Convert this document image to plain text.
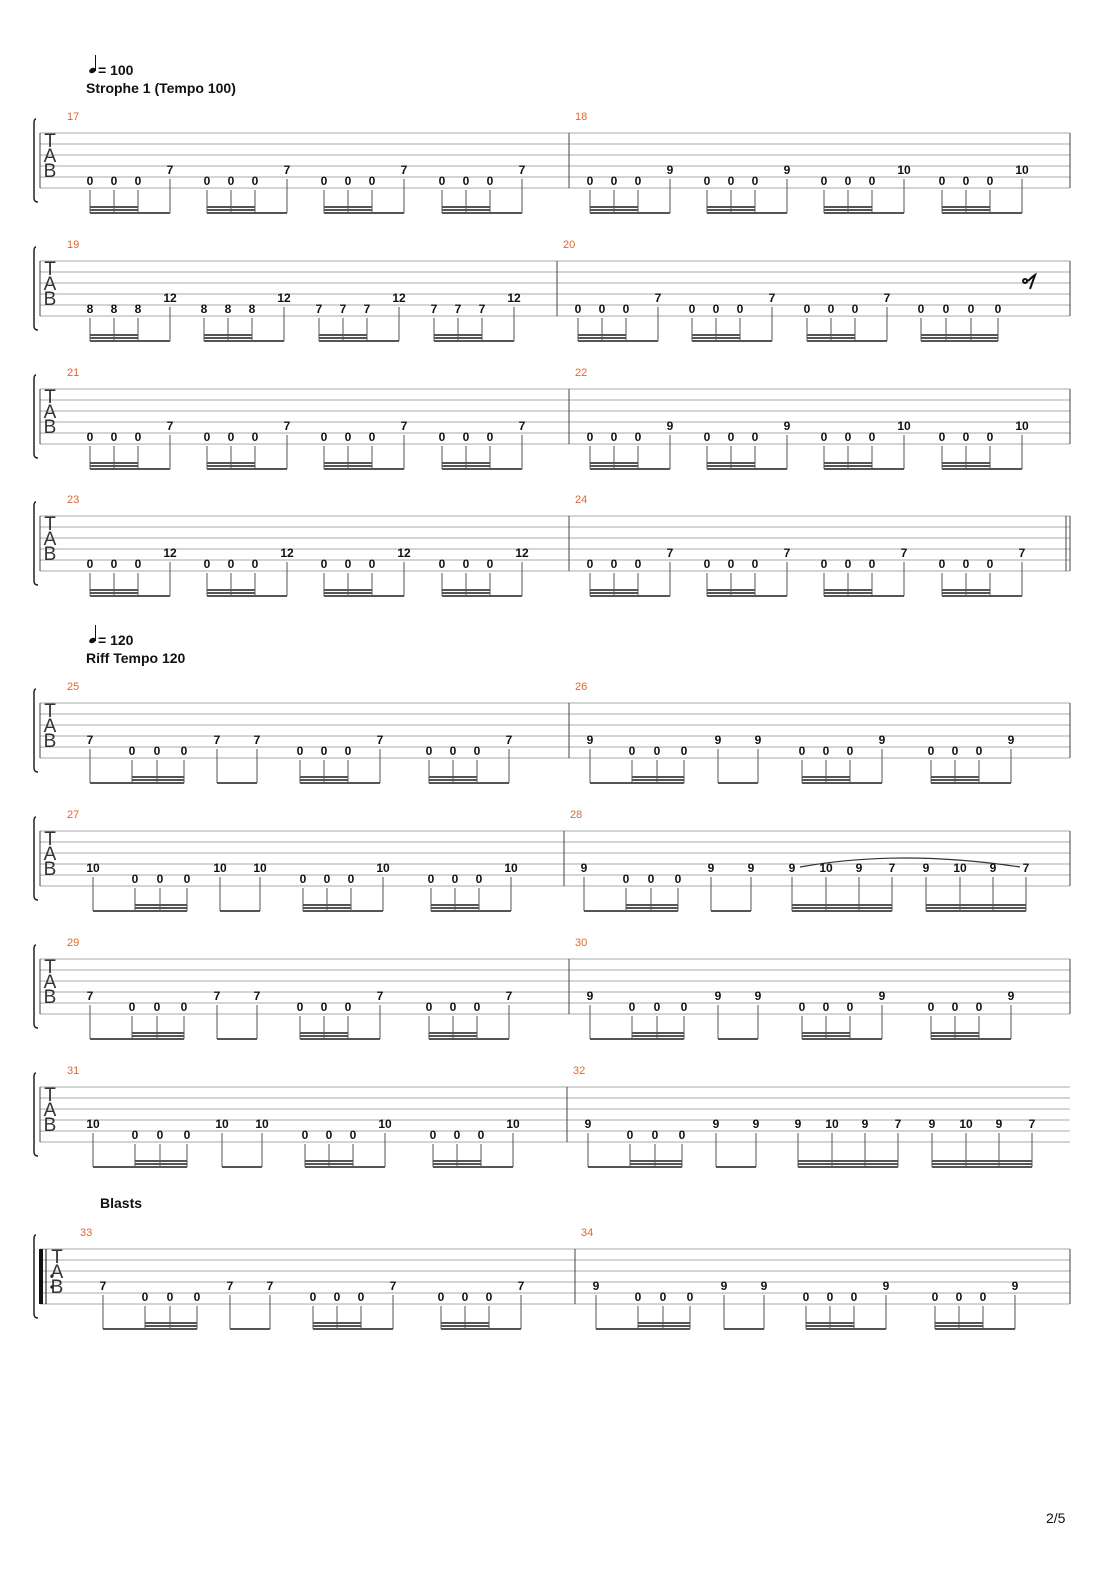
= 100
Strophe 1 (Tempo 100)
= 120
Riff Tempo 120
Blasts
T
A
B
17
0 0 0
7
0 0 0
7
0 0 0
7
0 0 0
7
18
0 0 0
9
0 0 0
9
0 0 0
10
0 0 0
10
T
A
B
19
8 8 8
12
8 8 8
12
7 7 7
12
7 7 7
12
20
0 0 0
7
0 0 0
7
0 0 0
7
0 0 0 0
T
A
B
21
0 0 0
7
0 0 0
7
0 0 0
7
0 0 0
7
22
0 0 0
9
0 0 0
9
0 0 0
10
0 0 0
10
T
A
B
23
0 0 0
12
0 0 0
12
0 0 0
12
0 0 0
12
24
0 0 0
7
0 0 0
7
0 0 0
7
0 0 0
7
T
A
B
25
7
0 0 0
7	7
0 0 0
7
0 0 0
7
26
9
0 0 0
9	9
0 0 0
9
0 0 0
9
T
A
B
27
10
0 0 0
10 10
0 0 0
10
0 0 0
10
28
9
0 0 0
9	9	9 10 9 7 9 10 9 7
T
A
B
29
7
0 0 0
7	7
0 0 0
7
0 0 0
7
30
9
0 0 0
9	9
0 0 0
9
0 0 0
9
T
A
B
31
10
0 0 0
10 10
0 0 0
10
0 0 0
10
32
9
0 0 0
9	9	9 10 9 7 9 10 9 7
T
A
B
33
7
0 0 0
7	7
0 0 0
7
0 0 0
7
34
9
0 0 0
9	9
0 0 0
9
0 0 0
9
2/5
